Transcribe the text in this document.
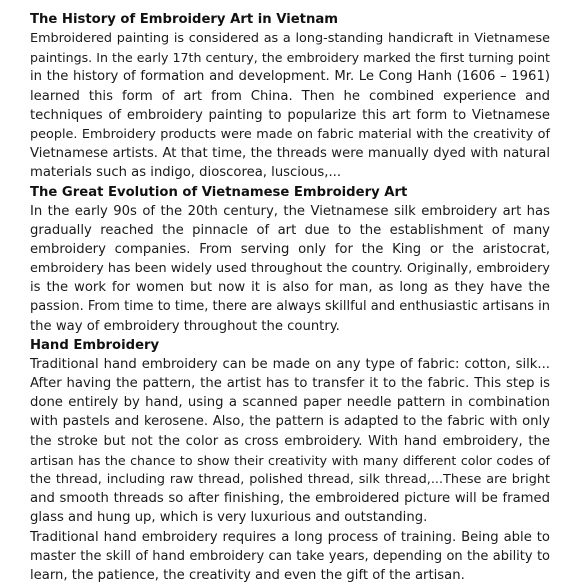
The History of Embroidery Art in Vietnam
Embroidered painting is considered as a long-standing handicraft in Vietnamese
paintings. In the early 17th century, the embroidery marked the first turning point
in the history of formation and development. Mr. Le Cong Hanh (1606 – 1961)
learned this form of art from China. Then he combined experience and
techniques of embroidery painting to popularize this art form to Vietnamese
people. Embroidery products were made on fabric material with the creativity of
Vietnamese artists. At that time, the threads were manually dyed with natural
materials such as indigo, dioscorea, luscious,...
The Great Evolution of Vietnamese Embroidery Art
In the early 90s of the 20th century, the Vietnamese silk embroidery art has
gradually reached the pinnacle of art due to the establishment of many
embroidery companies. From serving only for the King or the aristocrat,
embroidery has been widely used throughout the country. Originally, embroidery
is the work for women but now it is also for man, as long as they have the
passion. From time to time, there are always skillful and enthusiastic artisans in
the way of embroidery throughout the country.
Hand Embroidery
Traditional hand embroidery can be made on any type of fabric: cotton, silk...
After having the pattern, the artist has to transfer it to the fabric. This step is
done entirely by hand, using a scanned paper needle pattern in combination
with pastels and kerosene. Also, the pattern is adapted to the fabric with only
the stroke but not the color as cross embroidery. With hand embroidery, the
artisan has the chance to show their creativity with many different color codes of
the thread, including raw thread, polished thread, silk thread,...These are bright
and smooth threads so after finishing, the embroidered picture will be framed
glass and hung up, which is very luxurious and outstanding.
Traditional hand embroidery requires a long process of training. Being able to
master the skill of hand embroidery can take years, depending on the ability to
learn, the patience, the creativity and even the gift of the artisan.
